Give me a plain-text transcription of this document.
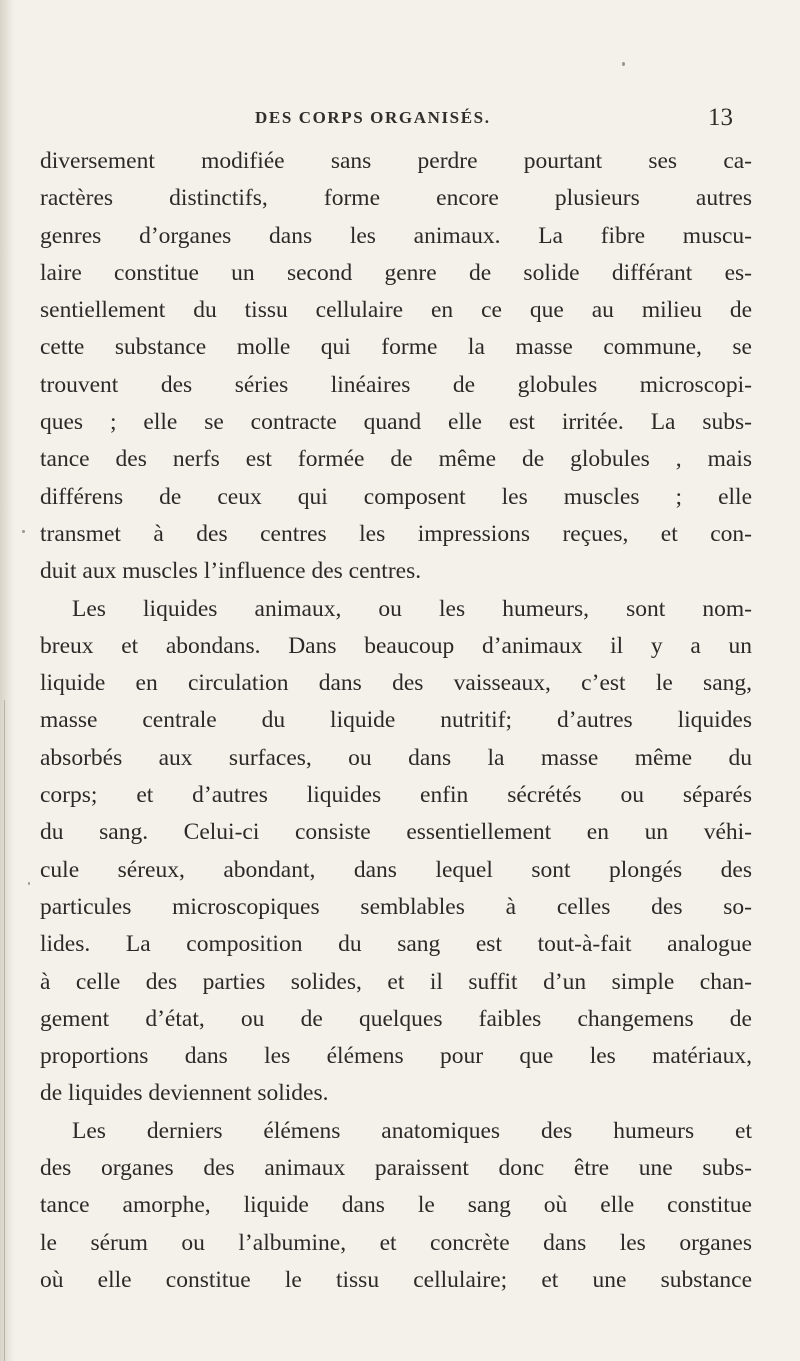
DES CORPS ORGANISÉS.	13
diversement modifiée sans perdre pourtant ses ca-
ractères distinctifs, forme encore plusieurs autres
genres d’organes dans les animaux. La fibre muscu-
laire constitue un second genre de solide différant es-
sentiellement du tissu cellulaire en ce que au milieu de
cette substance molle qui forme la masse commune, se
trouvent des séries linéaires de globules microscopi-
ques ; elle se contracte quand elle est irritée. La subs-
tance des nerfs est formée de même de globules , mais
différens de ceux qui composent les muscles ; elle
transmet à des centres les impressions reçues, et con-
duit aux muscles l’influence des centres.
Les liquides animaux, ou les humeurs, sont nom-
breux et abondans. Dans beaucoup d’animaux il y a un
liquide en circulation dans des vaisseaux, c’est le sang,
masse centrale du liquide nutritif; d’autres liquides
absorbés aux surfaces, ou dans la masse même du
corps; et d’autres liquides enfin sécrétés ou séparés
du sang. Celui-ci consiste essentiellement en un véhi-
cule séreux, abondant, dans lequel sont plongés des
particules microscopiques semblables à celles des so-
lides. La composition du sang est tout-à-fait analogue
à celle des parties solides, et il suffit d’un simple chan-
gement d’état, ou de quelques faibles changemens de
proportions dans les élémens pour que les matériaux,
de liquides deviennent solides.
Les derniers élémens anatomiques des humeurs et
des organes des animaux paraissent donc être une subs-
tance amorphe, liquide dans le sang où elle constitue
le sérum ou l’albumine, et concrète dans les organes
où elle constitue le tissu cellulaire; et une substance
